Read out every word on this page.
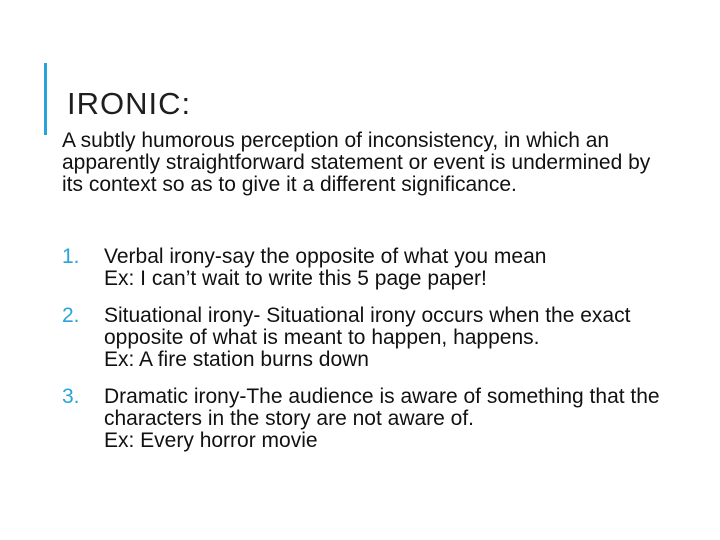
IRONIC:
A subtly humorous perception of inconsistency, in which an apparently straightforward statement or event is undermined by its context so as to give it a different significance.
1. Verbal irony-say the opposite of what you mean
Ex: I can’t wait to write this 5 page paper!
2. Situational irony- Situational irony occurs when the exact opposite of what is meant to happen, happens.
Ex: A fire station burns down
3. Dramatic irony-The audience is aware of something that the characters in the story are not aware of.
Ex: Every horror movie
